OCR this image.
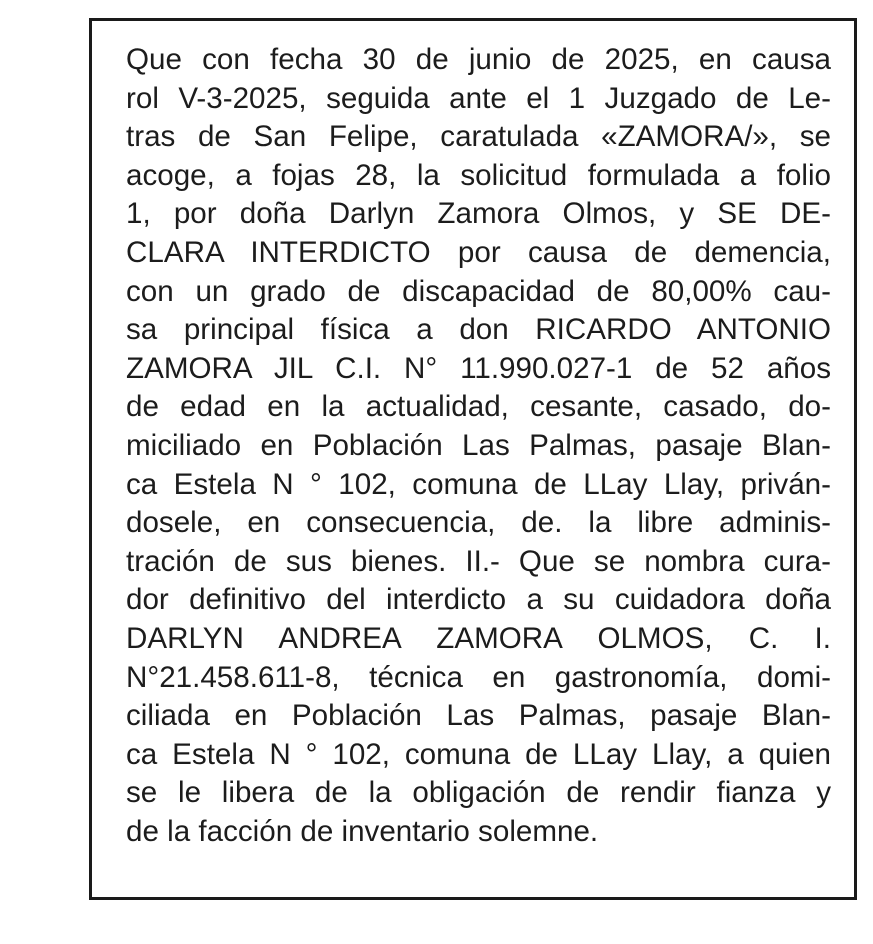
Que con fecha 30 de junio de 2025, en causa
rol V-3-2025, seguida ante el 1 Juzgado de Le-
tras de San Felipe, caratulada «ZAMORA/», se
acoge, a fojas 28, la solicitud formulada a folio
1, por doña Darlyn Zamora Olmos, y SE DE-
CLARA INTERDICTO por causa de demencia,
con un grado de discapacidad de 80,00% cau-
sa principal física a don RICARDO ANTONIO
ZAMORA JIL C.I. N° 11.990.027-1 de 52 años
de edad en la actualidad, cesante, casado, do-
miciliado en Población Las Palmas, pasaje Blan-
ca Estela N ° 102, comuna de LLay Llay, priván-
dosele, en consecuencia, de. la libre adminis-
tración de sus bienes. II.- Que se nombra cura-
dor definitivo del interdicto a su cuidadora doña
DARLYN ANDREA ZAMORA OLMOS, C. I.
N°21.458.611-8, técnica en gastronomía, domi-
ciliada en Población Las Palmas, pasaje Blan-
ca Estela N ° 102, comuna de LLay Llay, a quien
se le libera de la obligación de rendir fianza y
de la facción de inventario solemne.
